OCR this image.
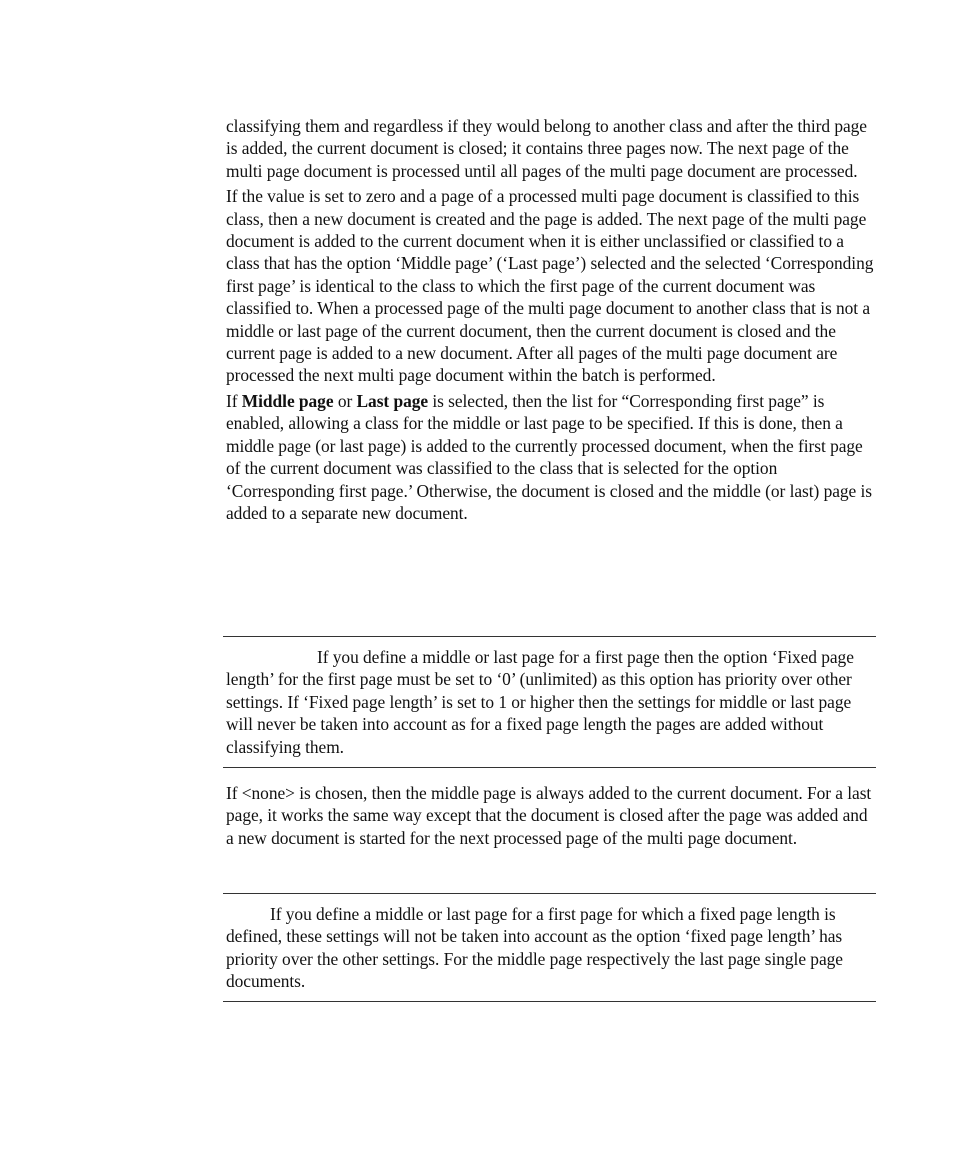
classifying them and regardless if they would belong to another class and after the third page is added, the current document is closed; it contains three pages now. The next page of the multi page document is processed until all pages of the multi page document are processed.

If the value is set to zero and a page of a processed multi page document is classified to this class, then a new document is created and the page is added. The next page of the multi page document is added to the current document when it is either unclassified or classified to a class that has the option ‘Middle page’ (‘Last page’) selected and the selected ‘Corresponding first page’ is identical to the class to which the first page of the current document was classified to. When a processed page of the multi page document to another class that is not a middle or last page of the current document, then the current document is closed and the current page is added to a new document. After all pages of the multi page document are processed the next multi page document within the batch is performed.

If Middle page or Last page is selected, then the list for “Corresponding first page” is enabled, allowing a class for the middle or last page to be specified. If this is done, then a middle page (or last page) is added to the currently processed document, when the first page of the current document was classified to the class that is selected for the option ‘Corresponding first page.’ Otherwise, the document is closed and the middle (or last) page is added to a separate new document.

If you define a middle or last page for a first page then the option ‘Fixed page length’ for the first page must be set to ‘0’ (unlimited) as this option has priority over other settings. If ‘Fixed page length’ is set to 1 or higher then the settings for middle or last page will never be taken into account as for a fixed page length the pages are added without classifying them.
If <none> is chosen, then the middle page is always added to the current document. For a last page, it works the same way except that the document is closed after the page was added and a new document is started for the next processed page of the multi page document.
If you define a middle or last page for a first page for which a fixed page length is defined, these settings will not be taken into account as the option ‘fixed page length’ has priority over the other settings. For the middle page respectively the last page single page documents.
